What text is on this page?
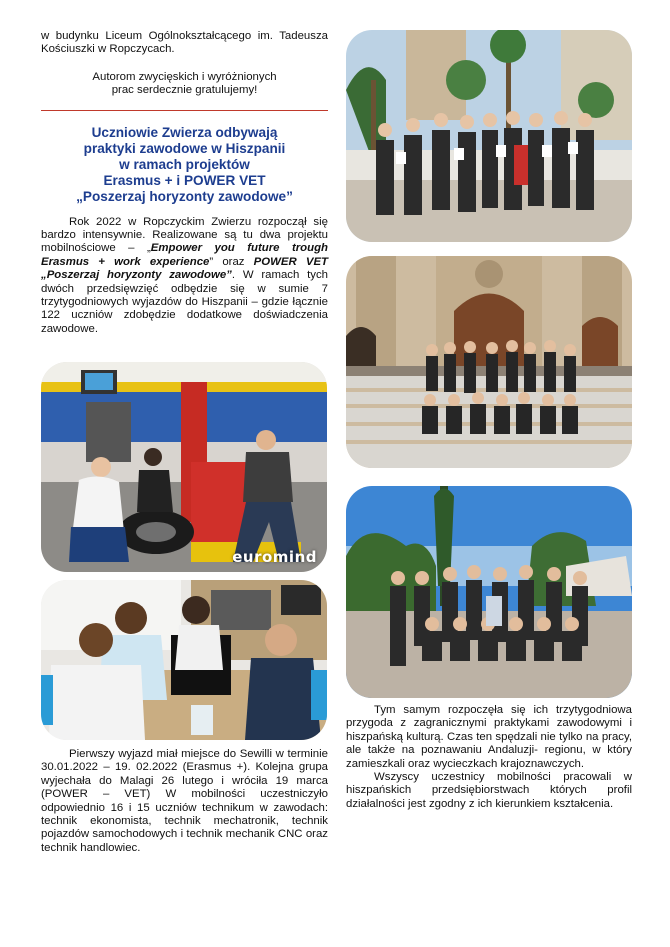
w budynku Liceum Ogólnokształcącego im. Tadeusza Kościuszki w Ropczycach.

Autorom zwycięskich i wyróżnionych

prac serdecznie gratulujemy!

Uczniowie Zwierza odbywają
praktyki zawodowe w Hiszpanii
w ramach projektów
Erasmus + i POWER VET
„Poszerzaj horyzonty zawodowe”

Rok 2022 w Ropczyckim Zwierzu rozpoczął się bardzo intensywnie. Realizowane są tu dwa projektu mobilnościowe – „Empower you future trough Erasmus + work experience” oraz POWER VET „Poszerzaj horyzonty zawodowe”. W ramach tych dwóch przedsięwzięć odbędzie się w sumie 7 trzytygodniowych wyjazdów do Hiszpanii – gdzie łącznie 122 uczniów zdobędzie dodatkowe doświadczenia zawodowe.

euromind

Pierwszy wyjazd miał miejsce do Sewilli w terminie 30.01.2022 – 19. 02.2022 (Erasmus +). Kolejna grupa wyjechała do Malagi 26 lutego i wróciła 19 marca (POWER – VET) W mobilności uczestniczyło odpowiednio 16 i 15 uczniów technikum w zawodach: technik ekonomista, technik mechatronik, technik pojazdów samochodowych i technik mechanik CNC oraz technik handlowiec.

Tym samym rozpoczęła się ich trzytygodniowa przygoda z zagranicznymi praktykami zawodowymi i hiszpańską kulturą. Czas ten spędzali nie tylko na pracy, ale także na poznawaniu Andaluzji- regionu, w który zamieszkali oraz wycieczkach krajoznawczych.

Wszyscy uczestnicy mobilności pracowali w hiszpańskich przedsiębiorstwach których profil działalności jest zgodny z ich kierunkiem kształcenia.
